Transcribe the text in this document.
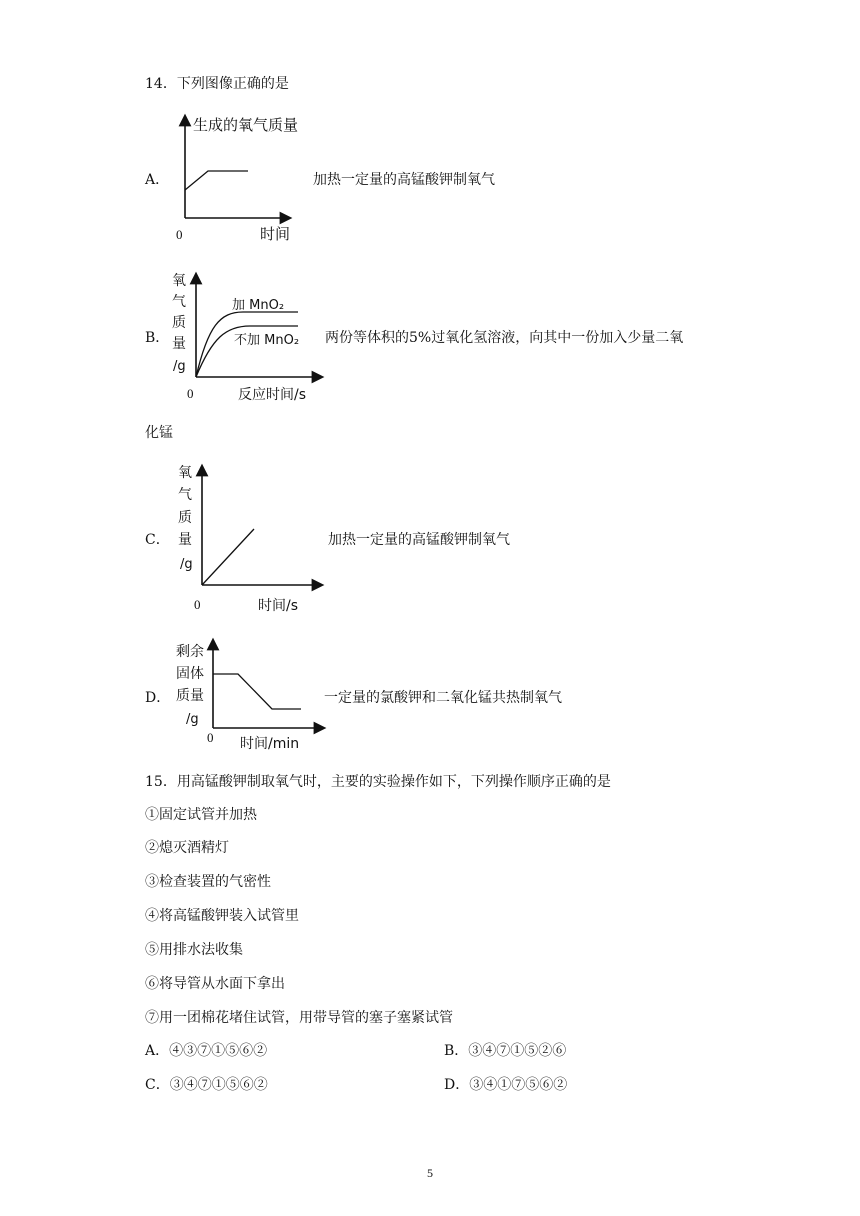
14．下列图像正确的是
A．
生成的氧气质量
0	时间
加热一定量的高锰酸钾制氧气
B．
氧
气
质
量
/g
加 MnO₂
不加 MnO₂
0	反应时间/s
两份等体积的5%过氧化氢溶液，向其中一份加入少量二氧
化锰
C．
氧
气
质
量
/g
0	时间/s
加热一定量的高锰酸钾制氧气
D．
剩余
固体
质量
/g
0 时间/min
一定量的氯酸钾和二氧化锰共热制氧气
15．用高锰酸钾制取氧气时，主要的实验操作如下，下列操作顺序正确的是
①固定试管并加热
②熄灭酒精灯
③检查装置的气密性
④将高锰酸钾装入试管里
⑤用排水法收集
⑥将导管从水面下拿出
⑦用一团棉花堵住试管，用带导管的塞子塞紧试管
A．④③⑦①⑤⑥②	B．③④⑦①⑤②⑥
C．③④⑦①⑤⑥②	D．③④①⑦⑤⑥②
5
